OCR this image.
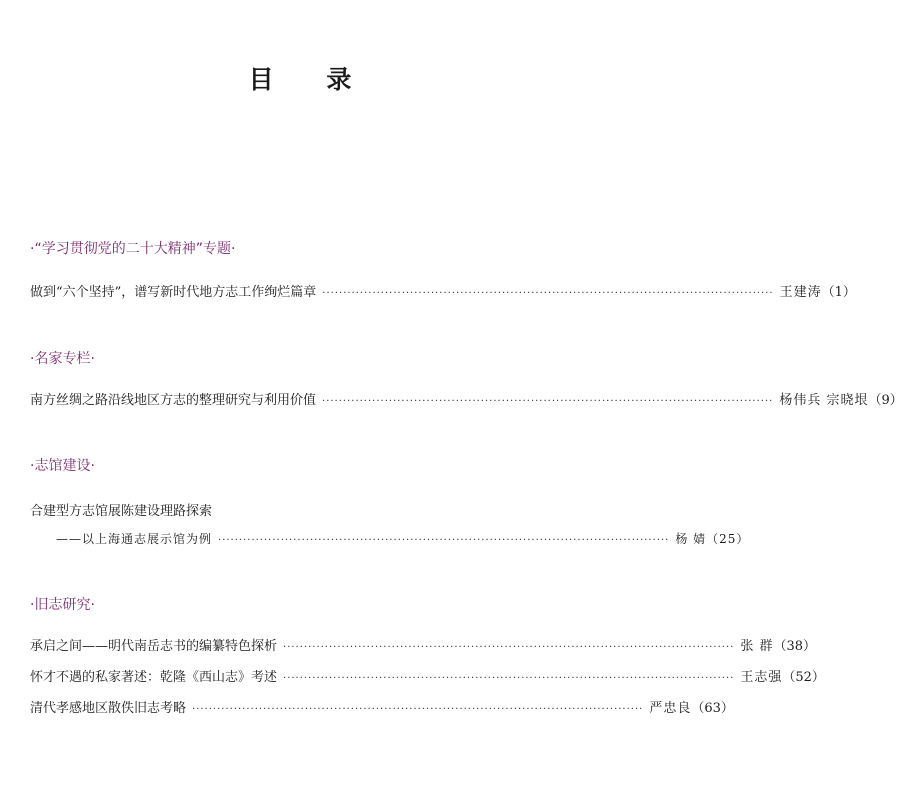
目 录
·“学习贯彻党的二十大精神”专题·
做到“六个坚持”，谱写新时代地方志工作绚烂篇章 ············································································································ 王建涛 （1）
·名家专栏·
南方丝绸之路沿线地区方志的整理研究与利用价值 ············································································································ 杨伟兵 宗晓垠 （9）
·志馆建设·
合建型方志馆展陈建设理路探索
——以上海通志展示馆为例 ············································································································ 杨 婧 （25）
·旧志研究·
承启之间——明代南岳志书的编纂特色探析 ············································································································ 张 群 （38）
怀才不遇的私家著述：乾隆《西山志》考述 ············································································································ 王志强 （52）
清代孝感地区散佚旧志考略 ············································································································ 严忠良 （63）
